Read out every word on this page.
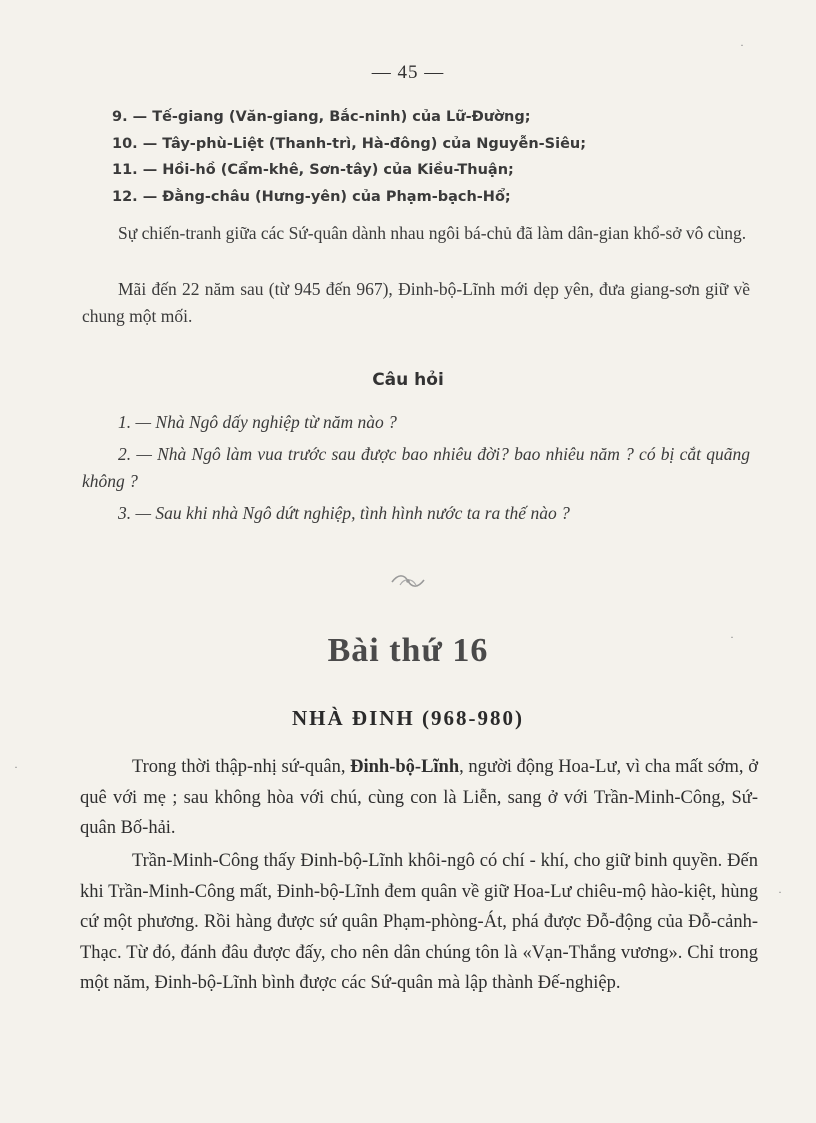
— 45 —
9. — Tế-giang (Văn-giang, Bắc-ninh) của Lữ-Đường;
10. — Tây-phù-Liệt (Thanh-trì, Hà-đông) của Nguyễn-Siêu;
11. — Hồi-hồ (Cẩm-khê, Sơn-tây) của Kiều-Thuận;
12. — Đằng-châu (Hưng-yên) của Phạm-bạch-Hổ;

Sự chiến-tranh giữa các Sứ-quân dành nhau ngôi bá-chủ đã làm dân-gian khổ-sở vô cùng.

Mãi đến 22 năm sau (từ 945 đến 967), Đinh-bộ-Lĩnh mới dẹp yên, đưa giang-sơn giữ về chung một mối.

Câu hỏi

1. — Nhà Ngô dấy nghiệp từ năm nào ?

2. — Nhà Ngô làm vua trước sau được bao nhiêu đời? bao nhiêu năm ? có bị cắt quãng không ?

3. — Sau khi nhà Ngô dứt nghiệp, tình hình nước ta ra thế nào ?

Bài thứ 16
NHÀ ĐINH (968-980)

Trong thời thập-nhị sứ-quân, Đinh-bộ-Lĩnh, người động Hoa-Lư, vì cha mất sớm, ở quê với mẹ ; sau không hòa với chú, cùng con là Liễn, sang ở với Trần-Minh-Công, Sứ-quân Bố-hải.

Trần-Minh-Công thấy Đinh-bộ-Lĩnh khôi-ngô có chí - khí, cho giữ binh quyền. Đến khi Trần-Minh-Công mất, Đinh-bộ-Lĩnh đem quân về giữ Hoa-Lư chiêu-mộ hào-kiệt, hùng cứ một phương. Rồi hàng được sứ quân Phạm-phòng-Át, phá được Đỗ-động của Đỗ-cảnh-Thạc. Từ đó, đánh đâu được đấy, cho nên dân chúng tôn là «Vạn-Thắng vương». Chỉ trong một năm, Đinh-bộ-Lĩnh bình được các Sứ-quân mà lập thành Đế-nghiệp.

·
·
·
·
